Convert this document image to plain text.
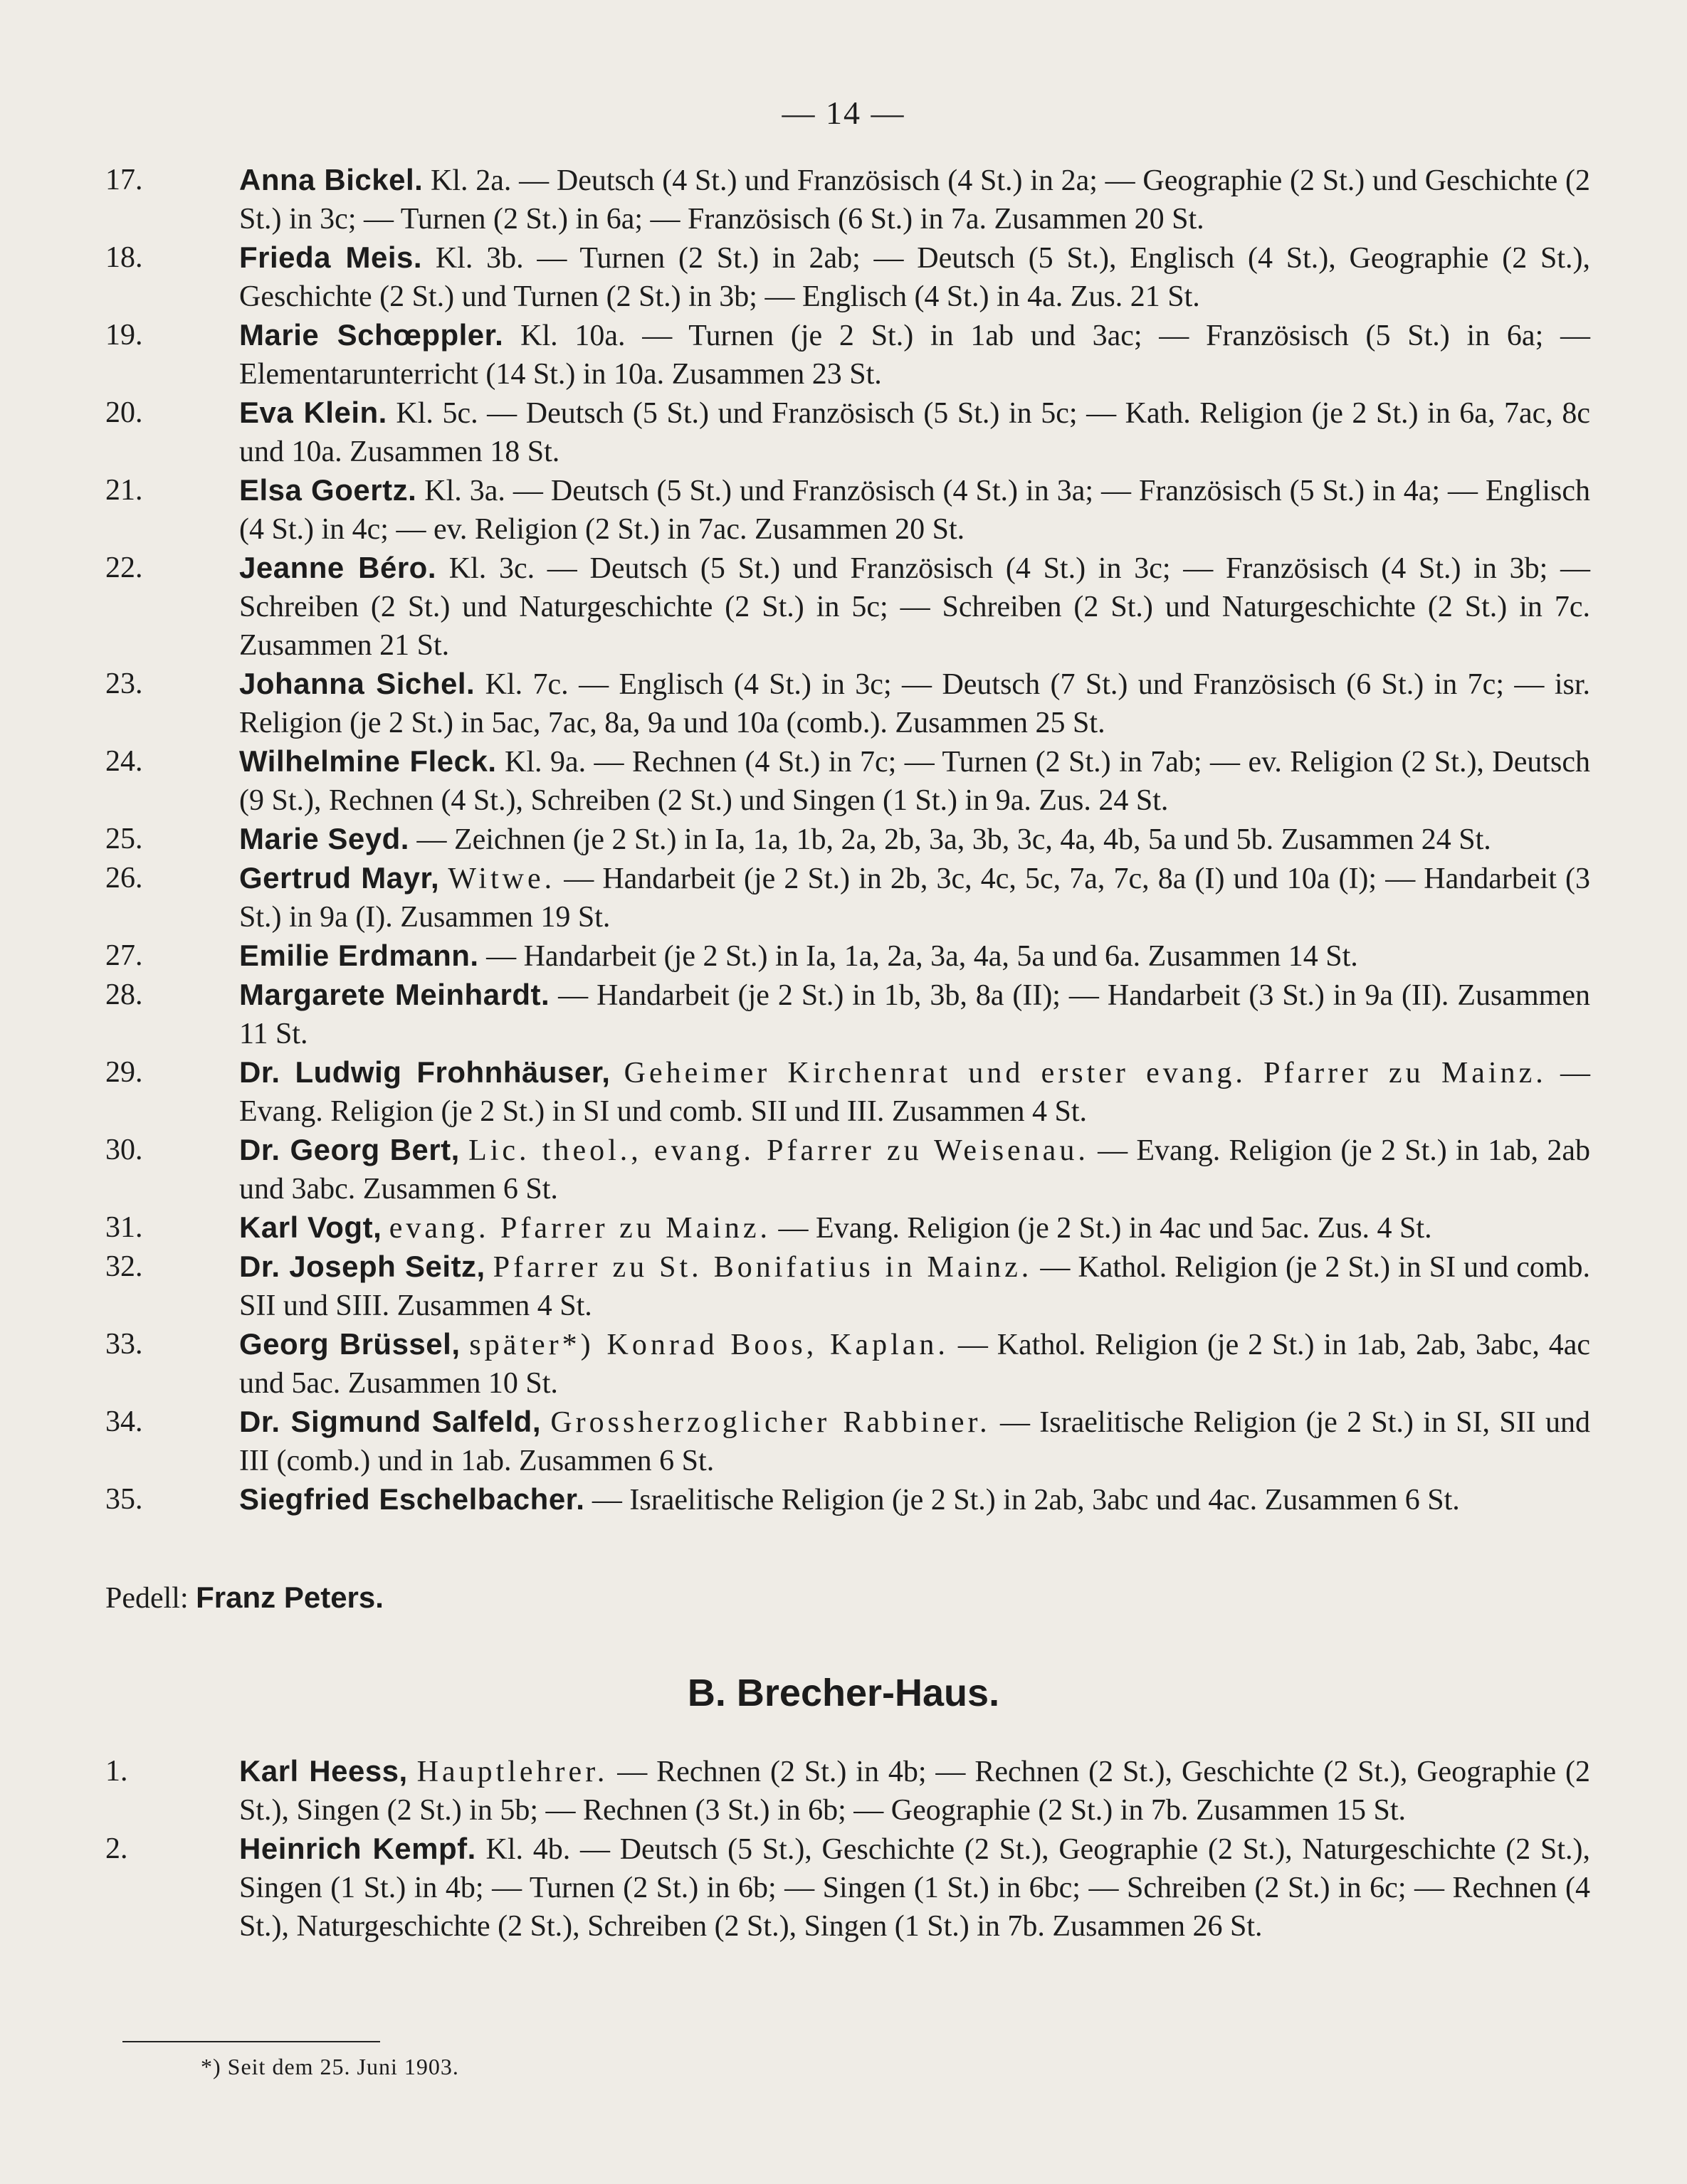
— 14 —
17.	Anna Bickel. Kl. 2a. — Deutsch (4 St.) und Französisch (4 St.) in 2a; — Geographie (2 St.) und Geschichte (2 St.) in 3c; — Turnen (2 St.) in 6a; — Französisch (6 St.) in 7a. Zusammen 20 St.
18.	Frieda Meis. Kl. 3b. — Turnen (2 St.) in 2ab; — Deutsch (5 St.), Englisch (4 St.), Geographie (2 St.), Geschichte (2 St.) und Turnen (2 St.) in 3b; — Englisch (4 St.) in 4a. Zus. 21 St.
19.	Marie Schœppler. Kl. 10a. — Turnen (je 2 St.) in 1ab und 3ac; — Französisch (5 St.) in 6a; — Elementarunterricht (14 St.) in 10a. Zusammen 23 St.
20.	Eva Klein. Kl. 5c. — Deutsch (5 St.) und Französisch (5 St.) in 5c; — Kath. Religion (je 2 St.) in 6a, 7ac, 8c und 10a. Zusammen 18 St.
21.	Elsa Goertz. Kl. 3a. — Deutsch (5 St.) und Französisch (4 St.) in 3a; — Französisch (5 St.) in 4a; — Englisch (4 St.) in 4c; — ev. Religion (2 St.) in 7ac. Zusammen 20 St.
22.	Jeanne Béro. Kl. 3c. — Deutsch (5 St.) und Französisch (4 St.) in 3c; — Französisch (4 St.) in 3b; — Schreiben (2 St.) und Naturgeschichte (2 St.) in 5c; — Schreiben (2 St.) und Naturgeschichte (2 St.) in 7c. Zusammen 21 St.
23.	Johanna Sichel. Kl. 7c. — Englisch (4 St.) in 3c; — Deutsch (7 St.) und Französisch (6 St.) in 7c; — isr. Religion (je 2 St.) in 5ac, 7ac, 8a, 9a und 10a (comb.). Zusammen 25 St.
24.	Wilhelmine Fleck. Kl. 9a. — Rechnen (4 St.) in 7c; — Turnen (2 St.) in 7ab; — ev. Religion (2 St.), Deutsch (9 St.), Rechnen (4 St.), Schreiben (2 St.) und Singen (1 St.) in 9a. Zus. 24 St.
25.	Marie Seyd. — Zeichnen (je 2 St.) in Ia, 1a, 1b, 2a, 2b, 3a, 3b, 3c, 4a, 4b, 5a und 5b. Zusammen 24 St.
26.	Gertrud Mayr, Witwe. — Handarbeit (je 2 St.) in 2b, 3c, 4c, 5c, 7a, 7c, 8a (I) und 10a (I); — Handarbeit (3 St.) in 9a (I). Zusammen 19 St.
27.	Emilie Erdmann. — Handarbeit (je 2 St.) in Ia, 1a, 2a, 3a, 4a, 5a und 6a. Zusammen 14 St.
28.	Margarete Meinhardt. — Handarbeit (je 2 St.) in 1b, 3b, 8a (II); — Handarbeit (3 St.) in 9a (II). Zusammen 11 St.
29.	Dr. Ludwig Frohnhäuser, Geheimer Kirchenrat und erster evang. Pfarrer zu Mainz. — Evang. Religion (je 2 St.) in SI und comb. SII und III. Zusammen 4 St.
30.	Dr. Georg Bert, Lic. theol., evang. Pfarrer zu Weisenau. — Evang. Religion (je 2 St.) in 1ab, 2ab und 3abc. Zusammen 6 St.
31.	Karl Vogt, evang. Pfarrer zu Mainz. — Evang. Religion (je 2 St.) in 4ac und 5ac. Zus. 4 St.
32.	Dr. Joseph Seitz, Pfarrer zu St. Bonifatius in Mainz. — Kathol. Religion (je 2 St.) in SI und comb. SII und SIII. Zusammen 4 St.
33.	Georg Brüssel, später*) Konrad Boos, Kaplan. — Kathol. Religion (je 2 St.) in 1ab, 2ab, 3abc, 4ac und 5ac. Zusammen 10 St.
34.	Dr. Sigmund Salfeld, Grossherzoglicher Rabbiner. — Israelitische Religion (je 2 St.) in SI, SII und III (comb.) und in 1ab. Zusammen 6 St.
35.	Siegfried Eschelbacher. — Israelitische Religion (je 2 St.) in 2ab, 3abc und 4ac. Zusammen 6 St.
Pedell: Franz Peters.
B. Brecher-Haus.
1.	Karl Heess, Hauptlehrer. — Rechnen (2 St.) in 4b; — Rechnen (2 St.), Geschichte (2 St.), Geographie (2 St.), Singen (2 St.) in 5b; — Rechnen (3 St.) in 6b; — Geographie (2 St.) in 7b. Zusammen 15 St.
2.	Heinrich Kempf. Kl. 4b. — Deutsch (5 St.), Geschichte (2 St.), Geographie (2 St.), Naturgeschichte (2 St.), Singen (1 St.) in 4b; — Turnen (2 St.) in 6b; — Singen (1 St.) in 6bc; — Schreiben (2 St.) in 6c; — Rechnen (4 St.), Naturgeschichte (2 St.), Schreiben (2 St.), Singen (1 St.) in 7b. Zusammen 26 St.
*) Seit dem 25. Juni 1903.
